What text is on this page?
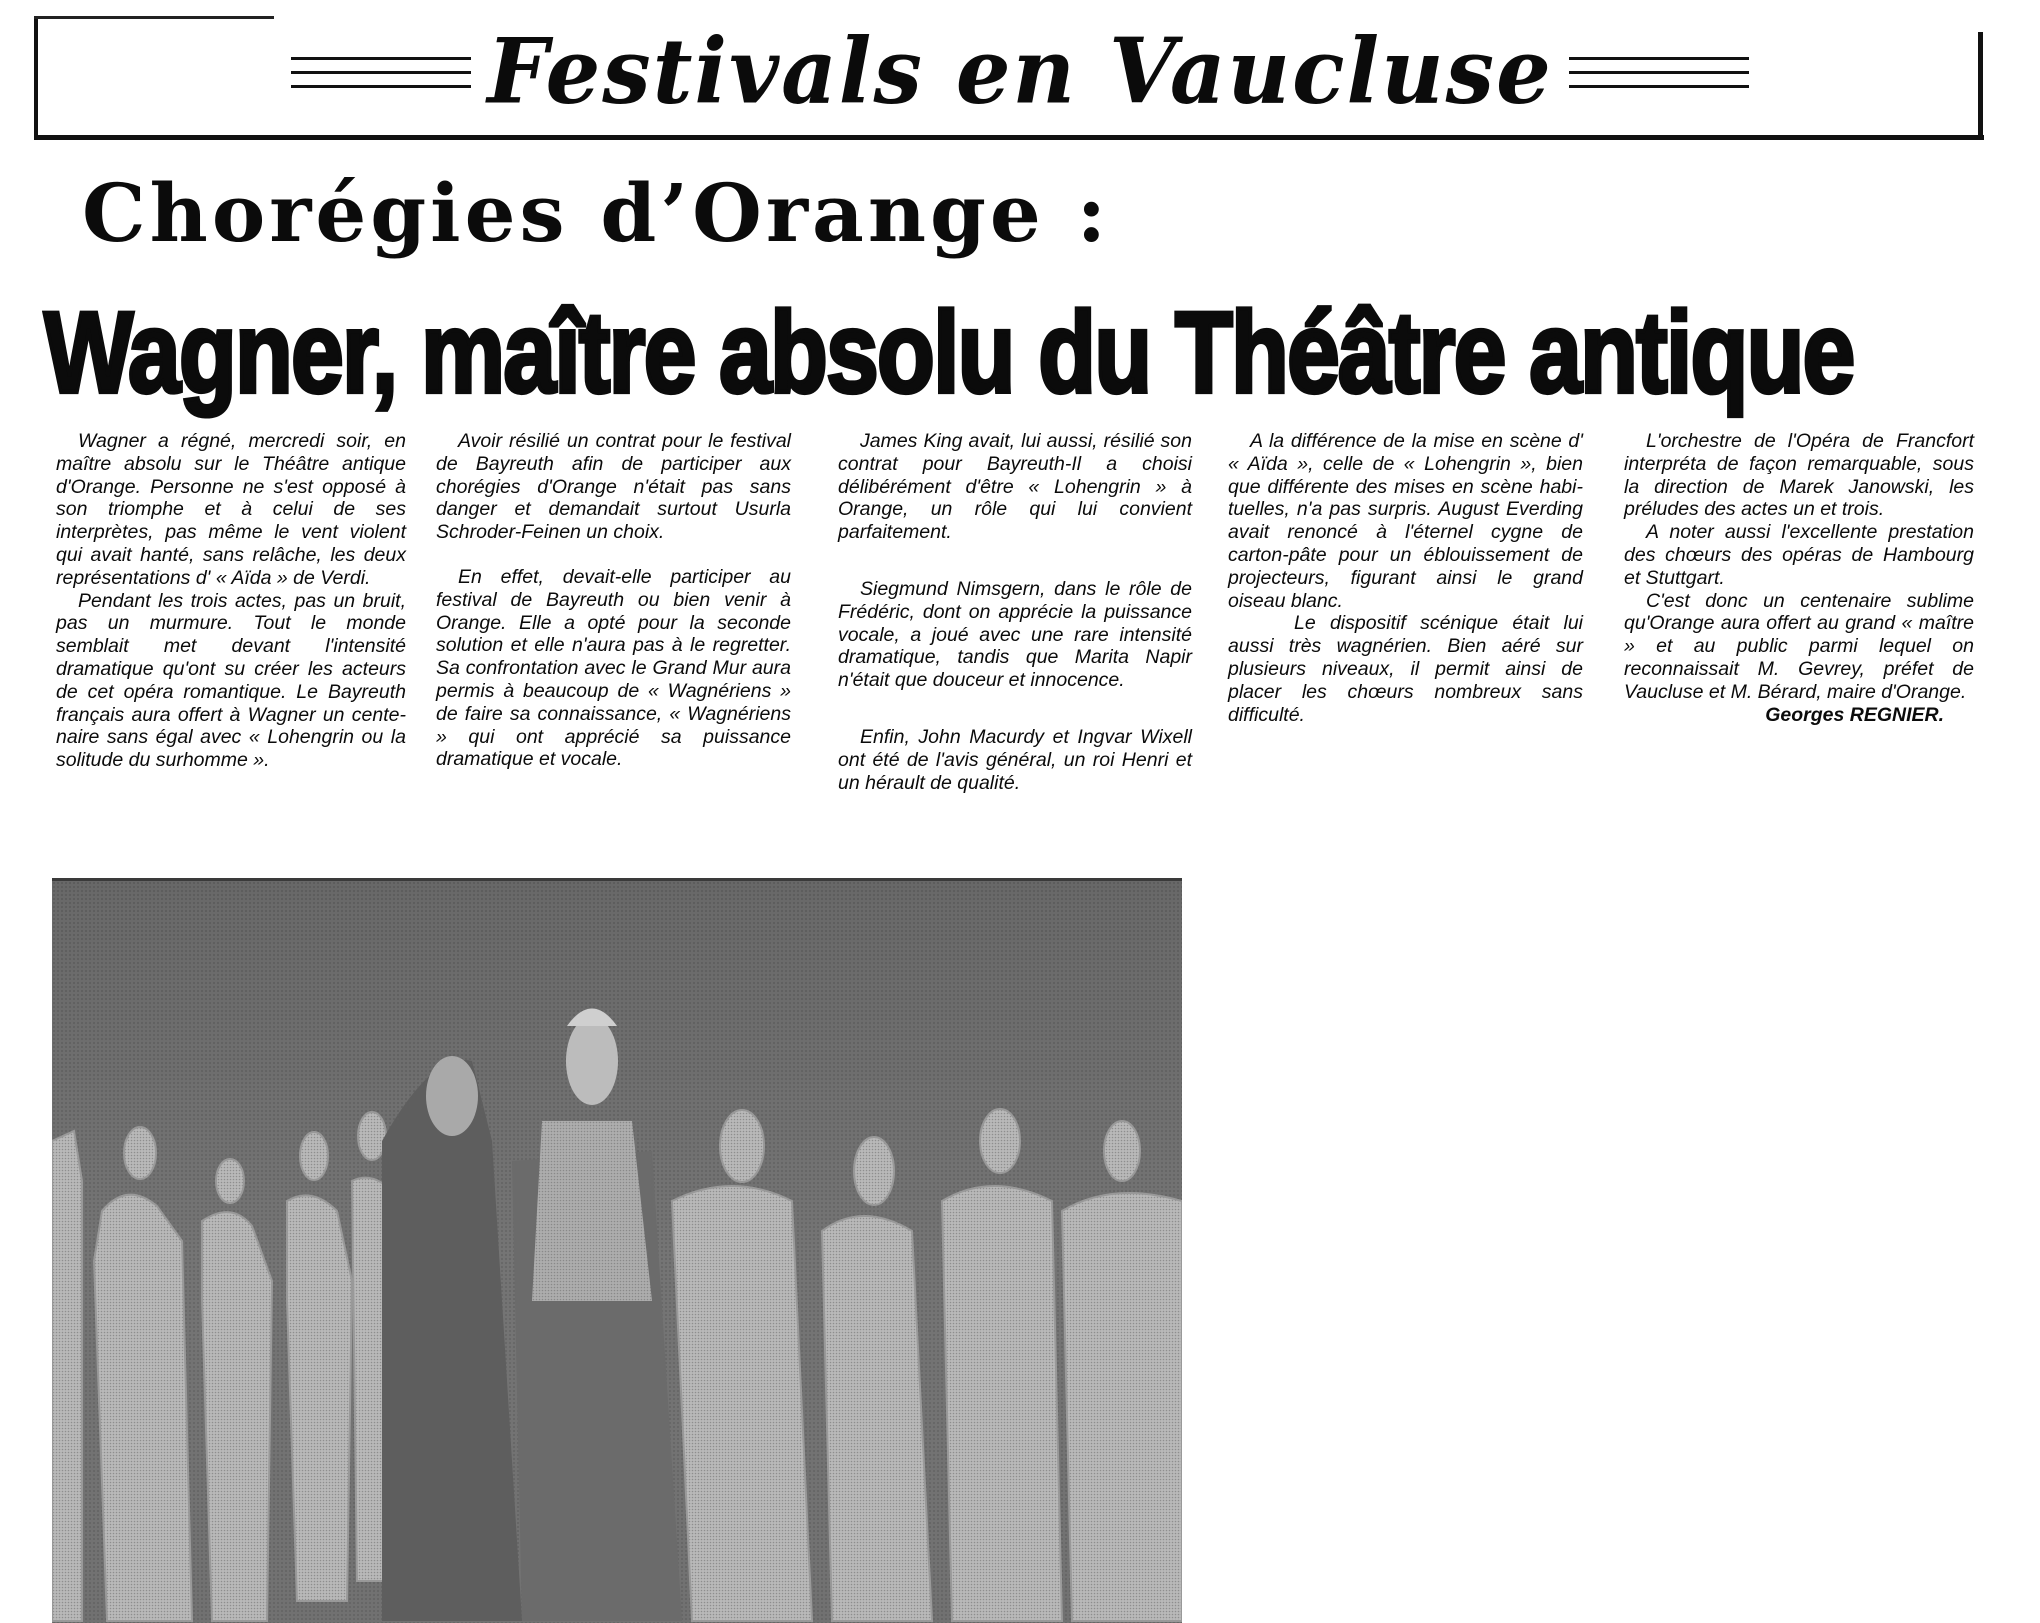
Festivals en Vaucluse
Chorégies d’Orange :
Wagner, maître absolu du Théâtre antique

Wagner a régné, mercredi soir, en maître absolu sur le Théâtre antique d'Orange. Personne ne s'est opposé à son triomphe et à celui de ses interprètes, pas même le vent violent qui avait hanté, sans relâche, les deux représentations d' « Aïda » de Verdi.

Pendant les trois actes, pas un bruit, pas un murmure. Tout le monde semblait met devant l'intensité dramatique qu'ont su créer les acteurs de cet opéra romantique. Le Bayreuth français aura offert à Wagner un centenaire sans égal avec « Lohengrin ou la solitude du surhomme ».

Avoir résilié un contrat pour le festival de Bayreuth afin de participer aux chorégies d'Orange n'était pas sans danger et demandait surtout Usurla Schroder-Feinen un choix.

En effet, devait-elle participer au festival de Bayreuth ou bien venir à Orange. Elle a opté pour la seconde solution et elle n'aura pas à le regretter. Sa confrontation avec le Grand Mur aura permis à beaucoup de « Wagnériens » de faire sa connaissance, « Wagnériens » qui ont apprécié sa puissance dramatique et vocale.

James King avait, lui aussi, résilié son contrat pour Bayreuth-Il a choisi délibérément d'être « Lohengrin » à Orange, un rôle qui lui convient parfaitement.

Siegmund Nimsgern, dans le rôle de Frédéric, dont on apprécie la puissance vocale, a joué avec une rare intensité dramatique, tandis que Marita Napir n'était que douceur et innocence.

Enfin, John Macurdy et Ingvar Wixell ont été de l'avis général, un roi Henri et un hérault de qualité.

A la différence de la mise en scène d' « Aïda », celle de « Lohengrin », bien que différente des mises en scène habituelles, n'a pas surpris. August Everding avait renoncé à l'éternel cygne de carton-pâte pour un éblouissement de projecteurs, figurant ainsi le grand oiseau blanc.

Le dispositif scénique était lui aussi très wagnérien. Bien aéré sur plusieurs niveaux, il permit ainsi de placer les chœurs nombreux sans difficulté.

L'orchestre de l'Opéra de Francfort interpréta de façon remarquable, sous la direction de Marek Janowski, les préludes des actes un et trois.

A noter aussi l'excellente prestation des chœurs des opéras de Hambourg et Stuttgart.

C'est donc un centenaire sublime qu'Orange aura offert au grand « maître » et au public parmi lequel on reconnaissait M. Gevrey, préfet de Vaucluse et M. Bérard, maire d'Orange.

Georges REGNIER.
